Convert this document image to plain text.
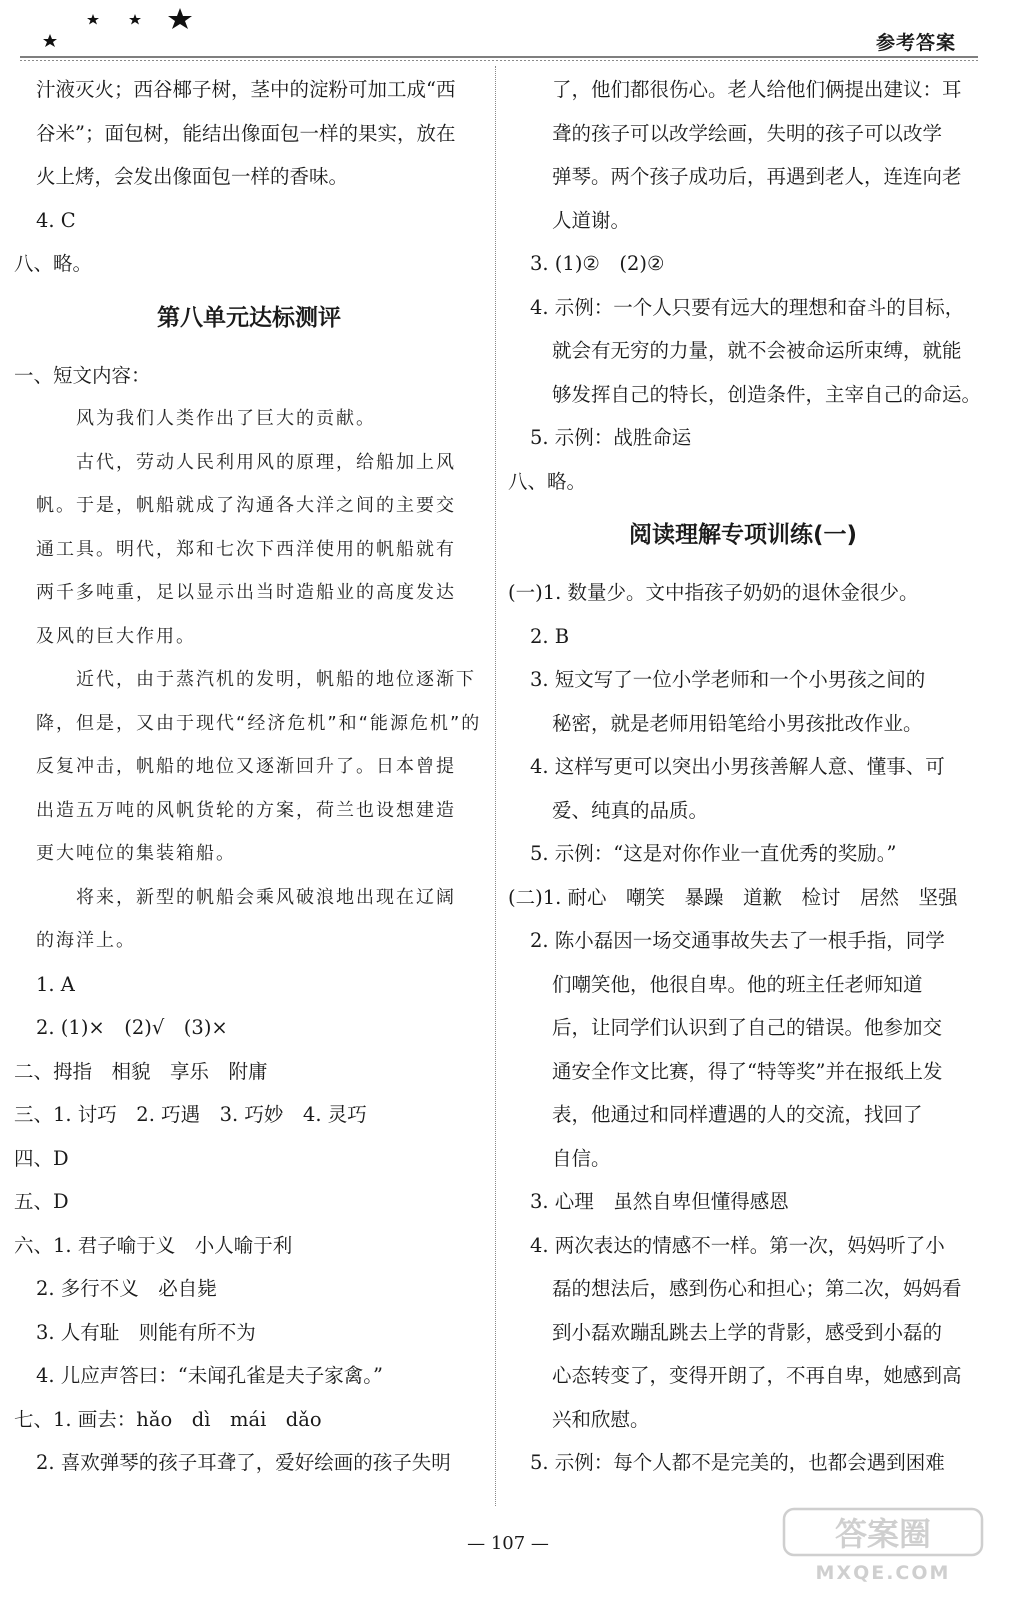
参考答案
汁液灭火；西谷椰子树，茎中的淀粉可加工成“西
谷米”；面包树，能结出像面包一样的果实，放在
火上烤，会发出像面包一样的香味。
4. C
八、略。
第八单元达标测评
一、短文内容：
风为我们人类作出了巨大的贡献。
古代，劳动人民利用风的原理，给船加上风
帆。于是，帆船就成了沟通各大洋之间的主要交
通工具。明代，郑和七次下西洋使用的帆船就有
两千多吨重，足以显示出当时造船业的高度发达
及风的巨大作用。
近代，由于蒸汽机的发明，帆船的地位逐渐下
降，但是，又由于现代“经济危机”和“能源危机”的
反复冲击，帆船的地位又逐渐回升了。日本曾提
出造五万吨的风帆货轮的方案，荷兰也设想建造
更大吨位的集装箱船。
将来，新型的帆船会乘风破浪地出现在辽阔
的海洋上。
1. A
2. (1)×　(2)√　(3)×
二、拇指　相貌　享乐　附庸
三、1. 讨巧　2. 巧遇　3. 巧妙　4. 灵巧
四、D
五、D
六、1. 君子喻于义　小人喻于利
2. 多行不义　必自毙
3. 人有耻　则能有所不为
4. 儿应声答曰：“未闻孔雀是夫子家禽。”
七、1. 画去：hǎo　dì　mái　dǎo
2. 喜欢弹琴的孩子耳聋了，爱好绘画的孩子失明
了，他们都很伤心。老人给他们俩提出建议：耳
聋的孩子可以改学绘画，失明的孩子可以改学
弹琴。两个孩子成功后，再遇到老人，连连向老
人道谢。
3. (1)②　(2)②
4. 示例：一个人只要有远大的理想和奋斗的目标，
就会有无穷的力量，就不会被命运所束缚，就能
够发挥自己的特长，创造条件，主宰自己的命运。
5. 示例：战胜命运
八、略。
阅读理解专项训练(一)
(一)1. 数量少。文中指孩子奶奶的退休金很少。
2. B
3. 短文写了一位小学老师和一个小男孩之间的
秘密，就是老师用铅笔给小男孩批改作业。
4. 这样写更可以突出小男孩善解人意、懂事、可
爱、纯真的品质。
5. 示例：“这是对你作业一直优秀的奖励。”
(二)1. 耐心　嘲笑　暴躁　道歉　检讨　居然　坚强
2. 陈小磊因一场交通事故失去了一根手指，同学
们嘲笑他，他很自卑。他的班主任老师知道
后，让同学们认识到了自己的错误。他参加交
通安全作文比赛，得了“特等奖”并在报纸上发
表，他通过和同样遭遇的人的交流，找回了
自信。
3. 心理　虽然自卑但懂得感恩
4. 两次表达的情感不一样。第一次，妈妈听了小
磊的想法后，感到伤心和担心；第二次，妈妈看
到小磊欢蹦乱跳去上学的背影，感受到小磊的
心态转变了，变得开朗了，不再自卑，她感到高
兴和欣慰。
5. 示例：每个人都不是完美的，也都会遇到困难
— 107 —	答案圈
MXQE.COM
